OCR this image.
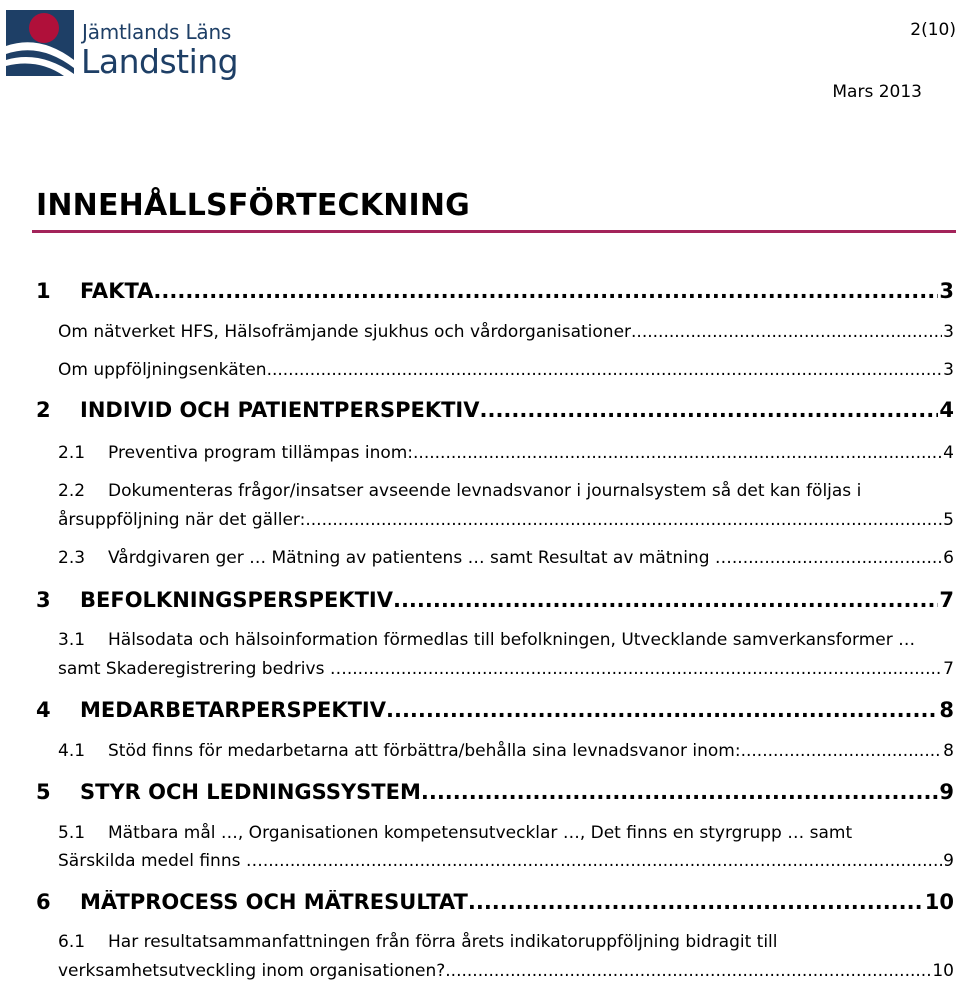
Jämtlands Läns
Landsting
2(10)
Mars 2013
INNEHÅLLSFÖRTECKNING
1	FAKTA .....	3
Om nätverket HFS, Hälsofrämjande sjukhus och vårdorganisationer .....	3
Om uppföljningsenkäten .....	3
2	INDIVID OCH PATIENTPERSPEKTIV .....	4
2.1	Preventiva program tillämpas inom: .....	4
2.2	Dokumenteras frågor/insatser avseende levnadsvanor i journalsystem så det kan följas i
årsuppföljning när det gäller: .....	5
2.3	Vårdgivaren ger … Mätning av patientens … samt Resultat av mätning … .....	6
3	BEFOLKNINGSPERSPEKTIV .....	7
3.1	Hälsodata och hälsoinformation förmedlas till befolkningen, Utvecklande samverkansformer …
samt Skaderegistrering bedrivs … .....	7
4	MEDARBETARPERSPEKTIV .....	8
4.1	Stöd finns för medarbetarna att förbättra/behålla sina levnadsvanor inom: .....	8
5	STYR OCH LEDNINGSSYSTEM .....	9
5.1	Mätbara mål …, Organisationen kompetensutvecklar …, Det finns en styrgrupp … samt
Särskilda medel finns … .....	9
6	MÄTPROCESS OCH MÄTRESULTAT .....	10
6.1	Har resultatsammanfattningen från förra årets indikatoruppföljning bidragit till
verksamhetsutveckling inom organisationen? .....	10
